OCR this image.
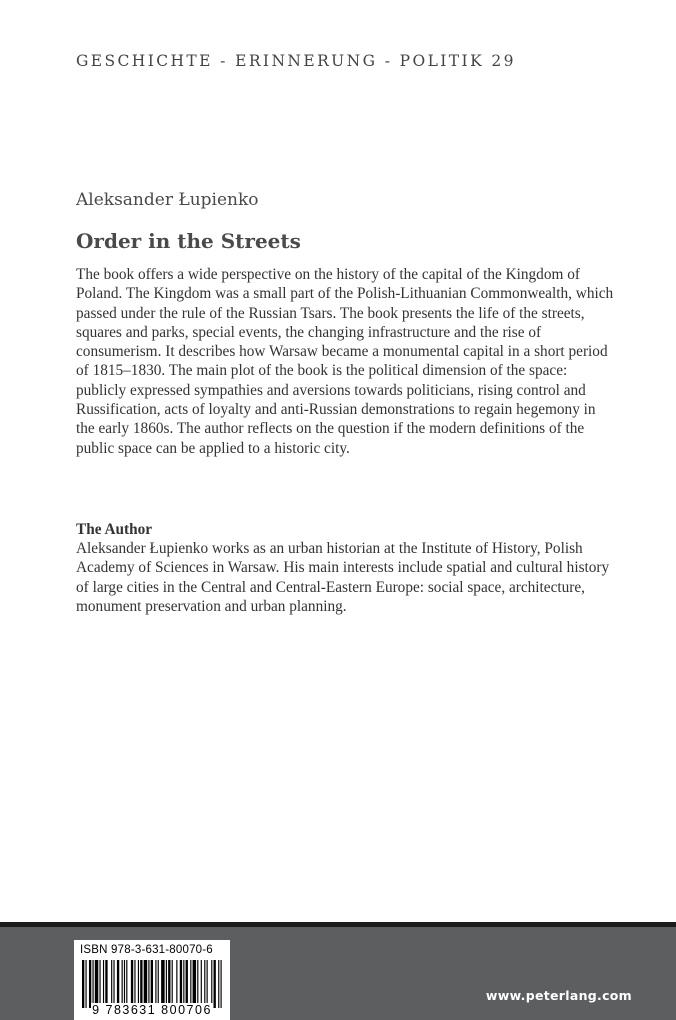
GESCHICHTE - ERINNERUNG - POLITIK 29
Aleksander Łupienko
Order in the Streets

The book offers a wide perspective on the history of the capital of the Kingdom of Poland. The Kingdom was a small part of the Polish-Lithuanian Commonwealth, which passed under the rule of the Russian Tsars. The book presents the life of the streets, squares and parks, special events, the changing infrastructure and the rise of consumerism. It describes how Warsaw became a monumental capital in a short period of 1815–1830. The main plot of the book is the political dimension of the space: publicly expressed sympathies and aversions towards politicians, rising control and Russification, acts of loyalty and anti-Russian demonstrations to regain hegemony in the early 1860s. The author reflects on the question if the modern definitions of the public space can be applied to a historic city.

The Author

Aleksander Łupienko works as an urban historian at the Institute of History, Polish Academy of Sciences in Warsaw. His main interests include spatial and cultural history of large cities in the Central and Central-Eastern Europe: social space, architecture, monument preservation and urban planning.

ISBN 978-3-631-80070-6
9 783631 800706
www.peterlang.com
